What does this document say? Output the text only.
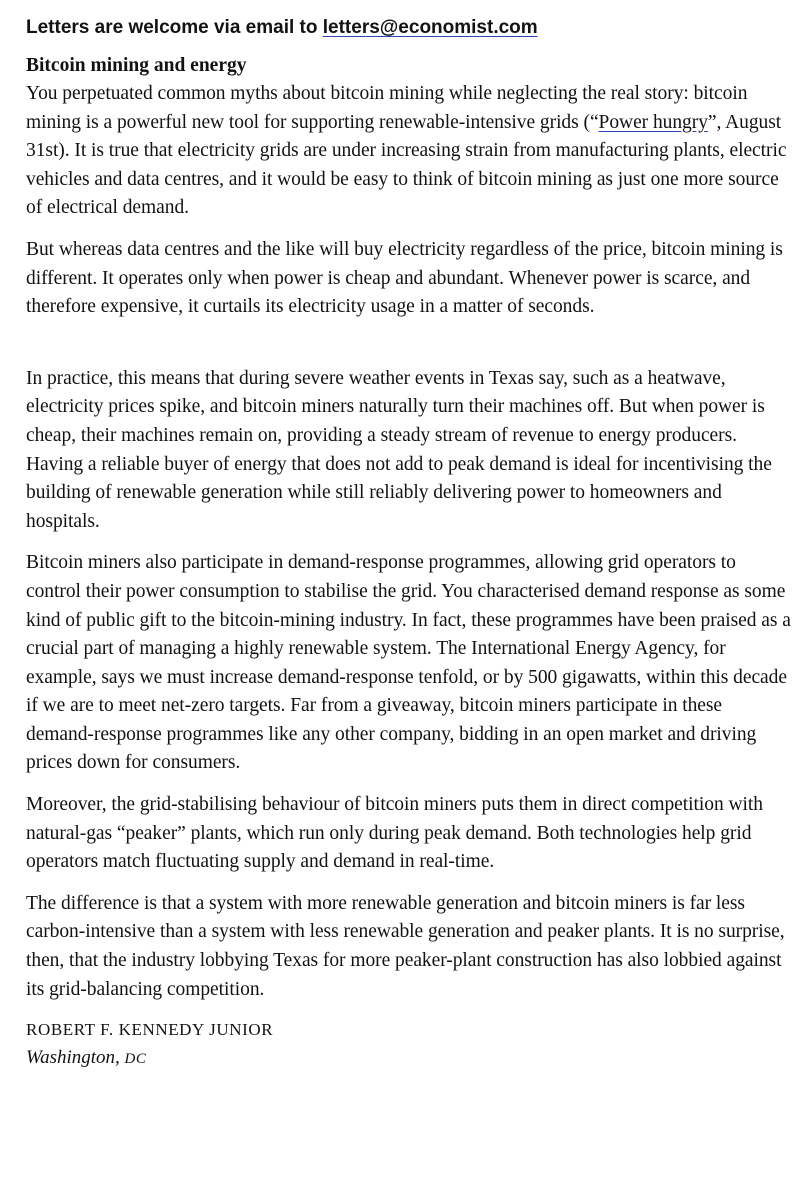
Letters are welcome via email to letters@economist.com

Bitcoin mining and energy

You perpetuated common myths about bitcoin mining while neglecting the real story: bitcoin mining is a powerful new tool for supporting renewable-intensive grids (“Power hungry”, August 31st). It is true that electricity grids are under increasing strain from manufacturing plants, electric vehicles and data centres, and it would be easy to think of bitcoin mining as just one more source of electrical demand.

But whereas data centres and the like will buy electricity regardless of the price, bitcoin mining is different. It operates only when power is cheap and abundant. Whenever power is scarce, and therefore expensive, it curtails its electricity usage in a matter of seconds.

In practice, this means that during severe weather events in Texas say, such as a heatwave, electricity prices spike, and bitcoin miners naturally turn their machines off. But when power is cheap, their machines remain on, providing a steady stream of revenue to energy producers. Having a reliable buyer of energy that does not add to peak demand is ideal for incentivising the building of renewable generation while still reliably delivering power to homeowners and hospitals.

Bitcoin miners also participate in demand-response programmes, allowing grid operators to control their power consumption to stabilise the grid. You characterised demand response as some kind of public gift to the bitcoin-mining industry. In fact, these programmes have been praised as a crucial part of managing a highly renewable system. The International Energy Agency, for example, says we must increase demand-response tenfold, or by 500 gigawatts, within this decade if we are to meet net-zero targets. Far from a giveaway, bitcoin miners participate in these demand-response programmes like any other company, bidding in an open market and driving prices down for consumers.

Moreover, the grid-stabilising behaviour of bitcoin miners puts them in direct competition with natural-gas “peaker” plants, which run only during peak demand. Both technologies help grid operators match fluctuating supply and demand in real-time.

The difference is that a system with more renewable generation and bitcoin miners is far less carbon-intensive than a system with less renewable generation and peaker plants. It is no surprise, then, that the industry lobbying Texas for more peaker-plant construction has also lobbied against its grid-balancing competition.

ROBERT F. KENNEDY JUNIOR

Washington, DC
